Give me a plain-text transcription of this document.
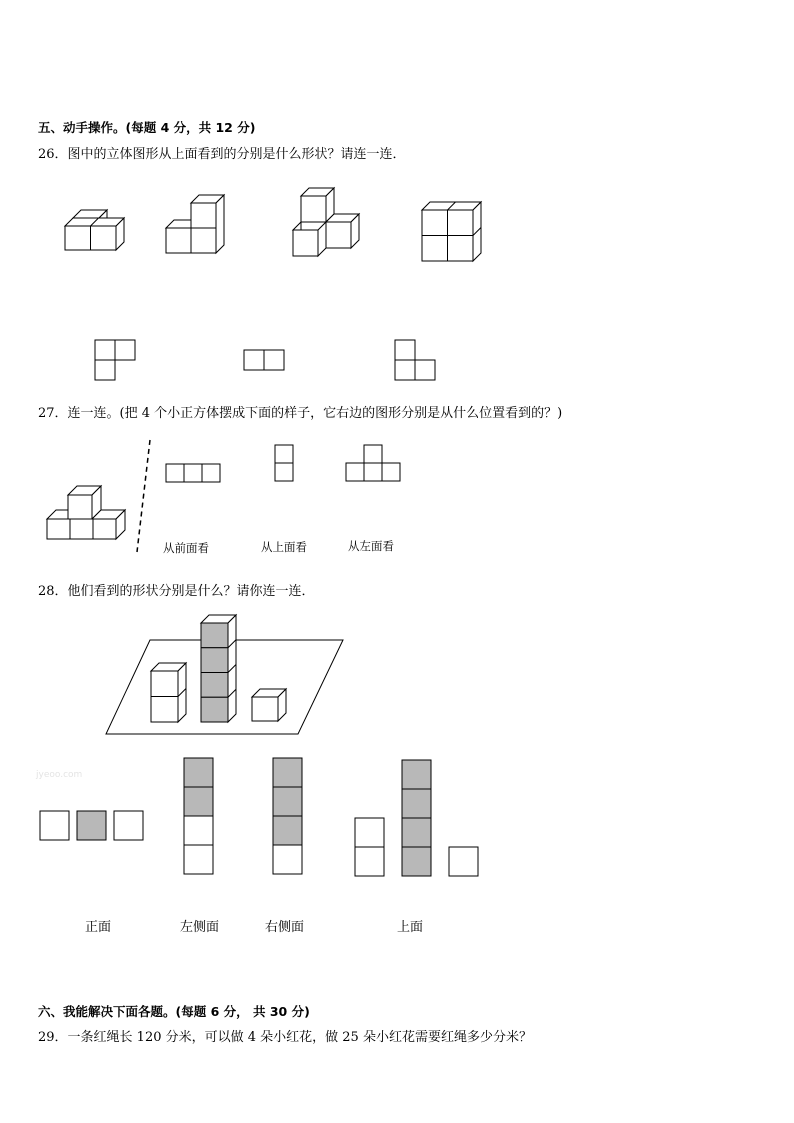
五、动手操作。(每题 4 分，共 12 分)
26．图中的立体图形从上面看到的分别是什么形状？请连一连．
27．连一连。(把 4 个小正方体摆成下面的样子，它右边的图形分别是从什么位置看到的？)
从前面看	从上面看	从左面看
28．他们看到的形状分别是什么？请你连一连．
jyeoo.com
正面	左侧面	右侧面	上面
六、我能解决下面各题。(每题 6 分， 共 30 分)
29．一条红绳长 120 分米，可以做 4 朵小红花，做 25 朵小红花需要红绳多少分米？
